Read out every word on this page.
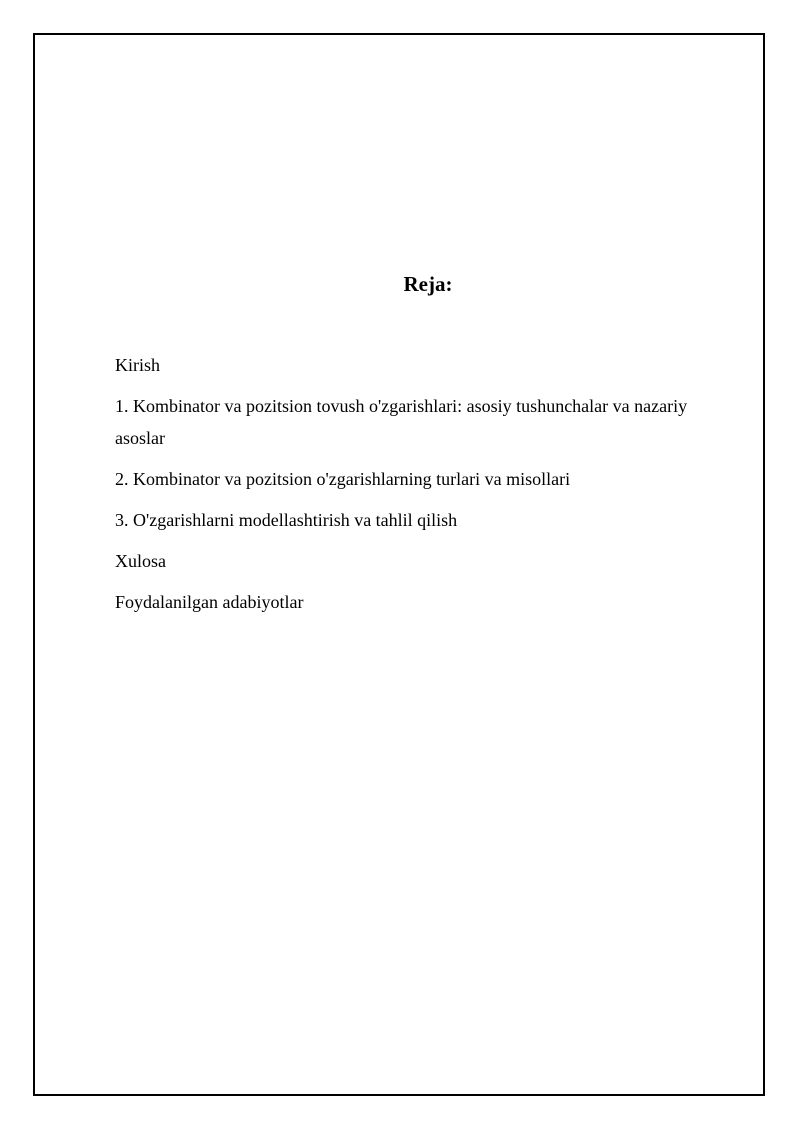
Reja:
Kirish
1. Kombinator va pozitsion tovush o'zgarishlari: asosiy tushunchalar va nazariy asoslar
2. Kombinator va pozitsion o'zgarishlarning turlari va misollari
3. O'zgarishlarni modellashtirish va tahlil qilish
Xulosa
Foydalanilgan adabiyotlar
